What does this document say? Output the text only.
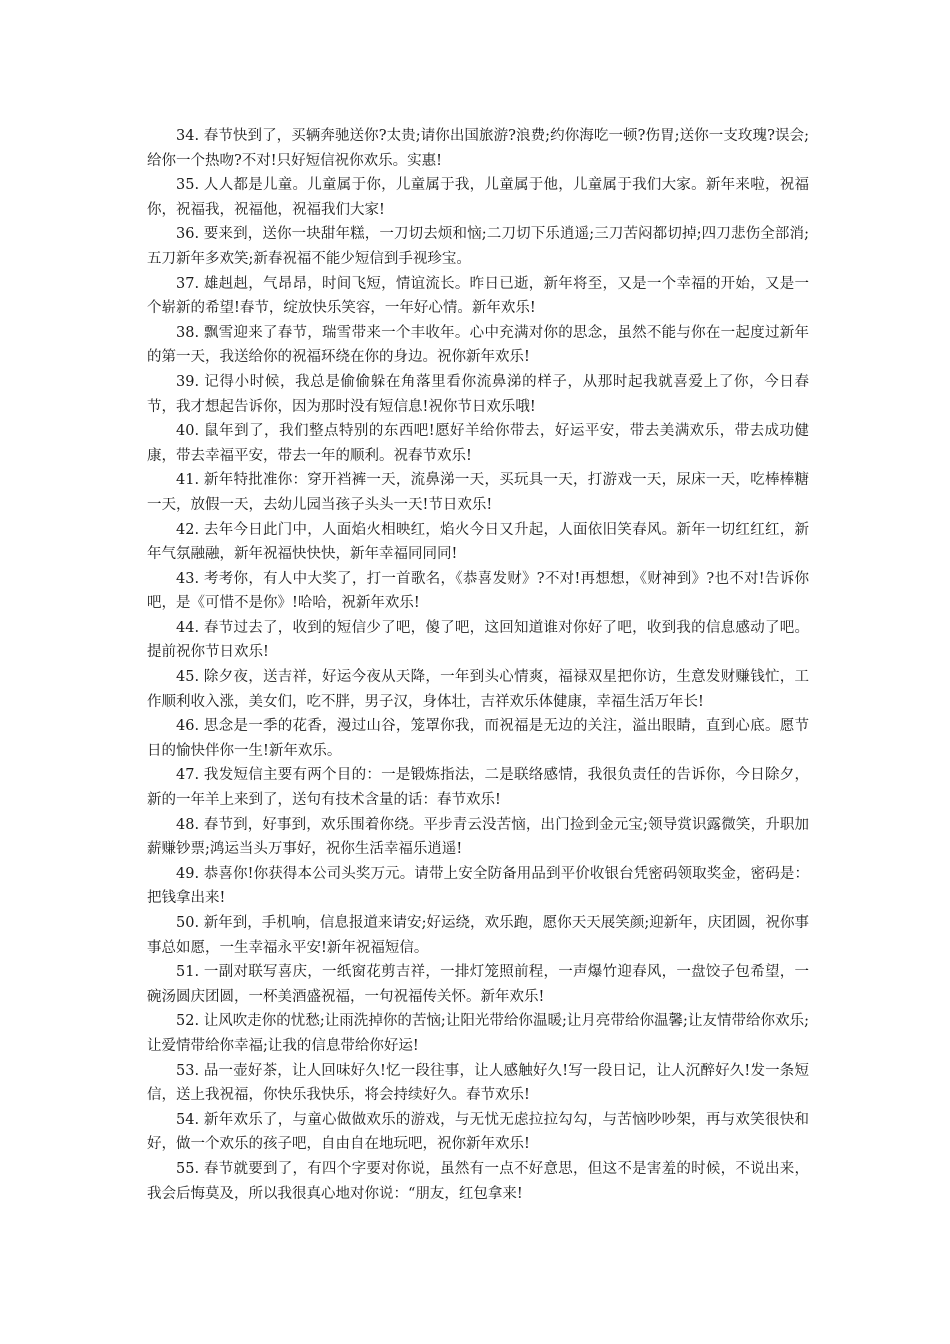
34. 春节快到了，买辆奔驰送你?太贵;请你出国旅游?浪费;约你海吃一顿?伤胃;送你一支玫瑰?误会;给你一个热吻?不对!只好短信祝你欢乐。实惠!

35. 人人都是儿童。儿童属于你，儿童属于我，儿童属于他，儿童属于我们大家。新年来啦，祝福你，祝福我，祝福他，祝福我们大家!

36. 要来到，送你一块甜年糕，一刀切去烦和恼;二刀切下乐逍遥;三刀苦闷都切掉;四刀悲伤全部消;五刀新年多欢笑;新春祝福不能少短信到手视珍宝。

37. 雄赳赳，气昂昂，时间飞短，情谊流长。昨日已逝，新年将至，又是一个幸福的开始，又是一个崭新的希望!春节，绽放快乐笑容，一年好心情。新年欢乐!

38. 飘雪迎来了春节，瑞雪带来一个丰收年。心中充满对你的思念，虽然不能与你在一起度过新年的第一天，我送给你的祝福环绕在你的身边。祝你新年欢乐!

39. 记得小时候，我总是偷偷躲在角落里看你流鼻涕的样子，从那时起我就喜爱上了你，今日春节，我才想起告诉你，因为那时没有短信息!祝你节日欢乐哦!

40. 鼠年到了，我们整点特别的东西吧!愿好羊给你带去，好运平安，带去美满欢乐，带去成功健康，带去幸福平安，带去一年的顺利。祝春节欢乐!

41. 新年特批准你：穿开裆裤一天，流鼻涕一天，买玩具一天，打游戏一天，尿床一天，吃棒棒糖一天，放假一天，去幼儿园当孩子头头一天!节日欢乐!

42. 去年今日此门中，人面焰火相映红，焰火今日又升起，人面依旧笑春风。新年一切红红红，新年气氛融融，新年祝福快快快，新年幸福同同同!

43. 考考你，有人中大奖了，打一首歌名，《恭喜发财》?不对!再想想，《财神到》?也不对!告诉你吧，是《可惜不是你》!哈哈，祝新年欢乐!

44. 春节过去了，收到的短信少了吧，傻了吧，这回知道谁对你好了吧，收到我的信息感动了吧。提前祝你节日欢乐!

45. 除夕夜，送吉祥，好运今夜从天降，一年到头心情爽，福禄双星把你访，生意发财赚钱忙，工作顺利收入涨，美女们，吃不胖，男子汉，身体壮，吉祥欢乐体健康，幸福生活万年长!

46. 思念是一季的花香，漫过山谷，笼罩你我，而祝福是无边的关注，溢出眼睛，直到心底。愿节日的愉快伴你一生!新年欢乐。

47. 我发短信主要有两个目的：一是锻炼指法，二是联络感情，我很负责任的告诉你，今日除夕，新的一年羊上来到了，送句有技术含量的话：春节欢乐!

48. 春节到，好事到，欢乐围着你绕。平步青云没苦恼，出门捡到金元宝;领导赏识露微笑，升职加薪赚钞票;鸿运当头万事好，祝你生活幸福乐逍遥!

49. 恭喜你!你获得本公司头奖万元。请带上安全防备用品到平价收银台凭密码领取奖金，密码是：把钱拿出来!

50. 新年到，手机响，信息报道来请安;好运绕，欢乐跑，愿你天天展笑颜;迎新年，庆团圆，祝你事事总如愿，一生幸福永平安!新年祝福短信。

51. 一副对联写喜庆，一纸窗花剪吉祥，一排灯笼照前程，一声爆竹迎春风，一盘饺子包希望，一碗汤圆庆团圆，一杯美酒盛祝福，一句祝福传关怀。新年欢乐!

52. 让风吹走你的忧愁;让雨洗掉你的苦恼;让阳光带给你温暖;让月亮带给你温馨;让友情带给你欢乐;让爱情带给你幸福;让我的信息带给你好运!

53. 品一壶好茶，让人回味好久!忆一段往事，让人感触好久!写一段日记，让人沉醉好久!发一条短信，送上我祝福，你快乐我快乐，将会持续好久。春节欢乐!

54. 新年欢乐了，与童心做做欢乐的游戏，与无忧无虑拉拉勾勾，与苦恼吵吵架，再与欢笑很快和好，做一个欢乐的孩子吧，自由自在地玩吧，祝你新年欢乐!

55. 春节就要到了，有四个字要对你说，虽然有一点不好意思，但这不是害羞的时候，不说出来，我会后悔莫及，所以我很真心地对你说：“朋友，红包拿来!
